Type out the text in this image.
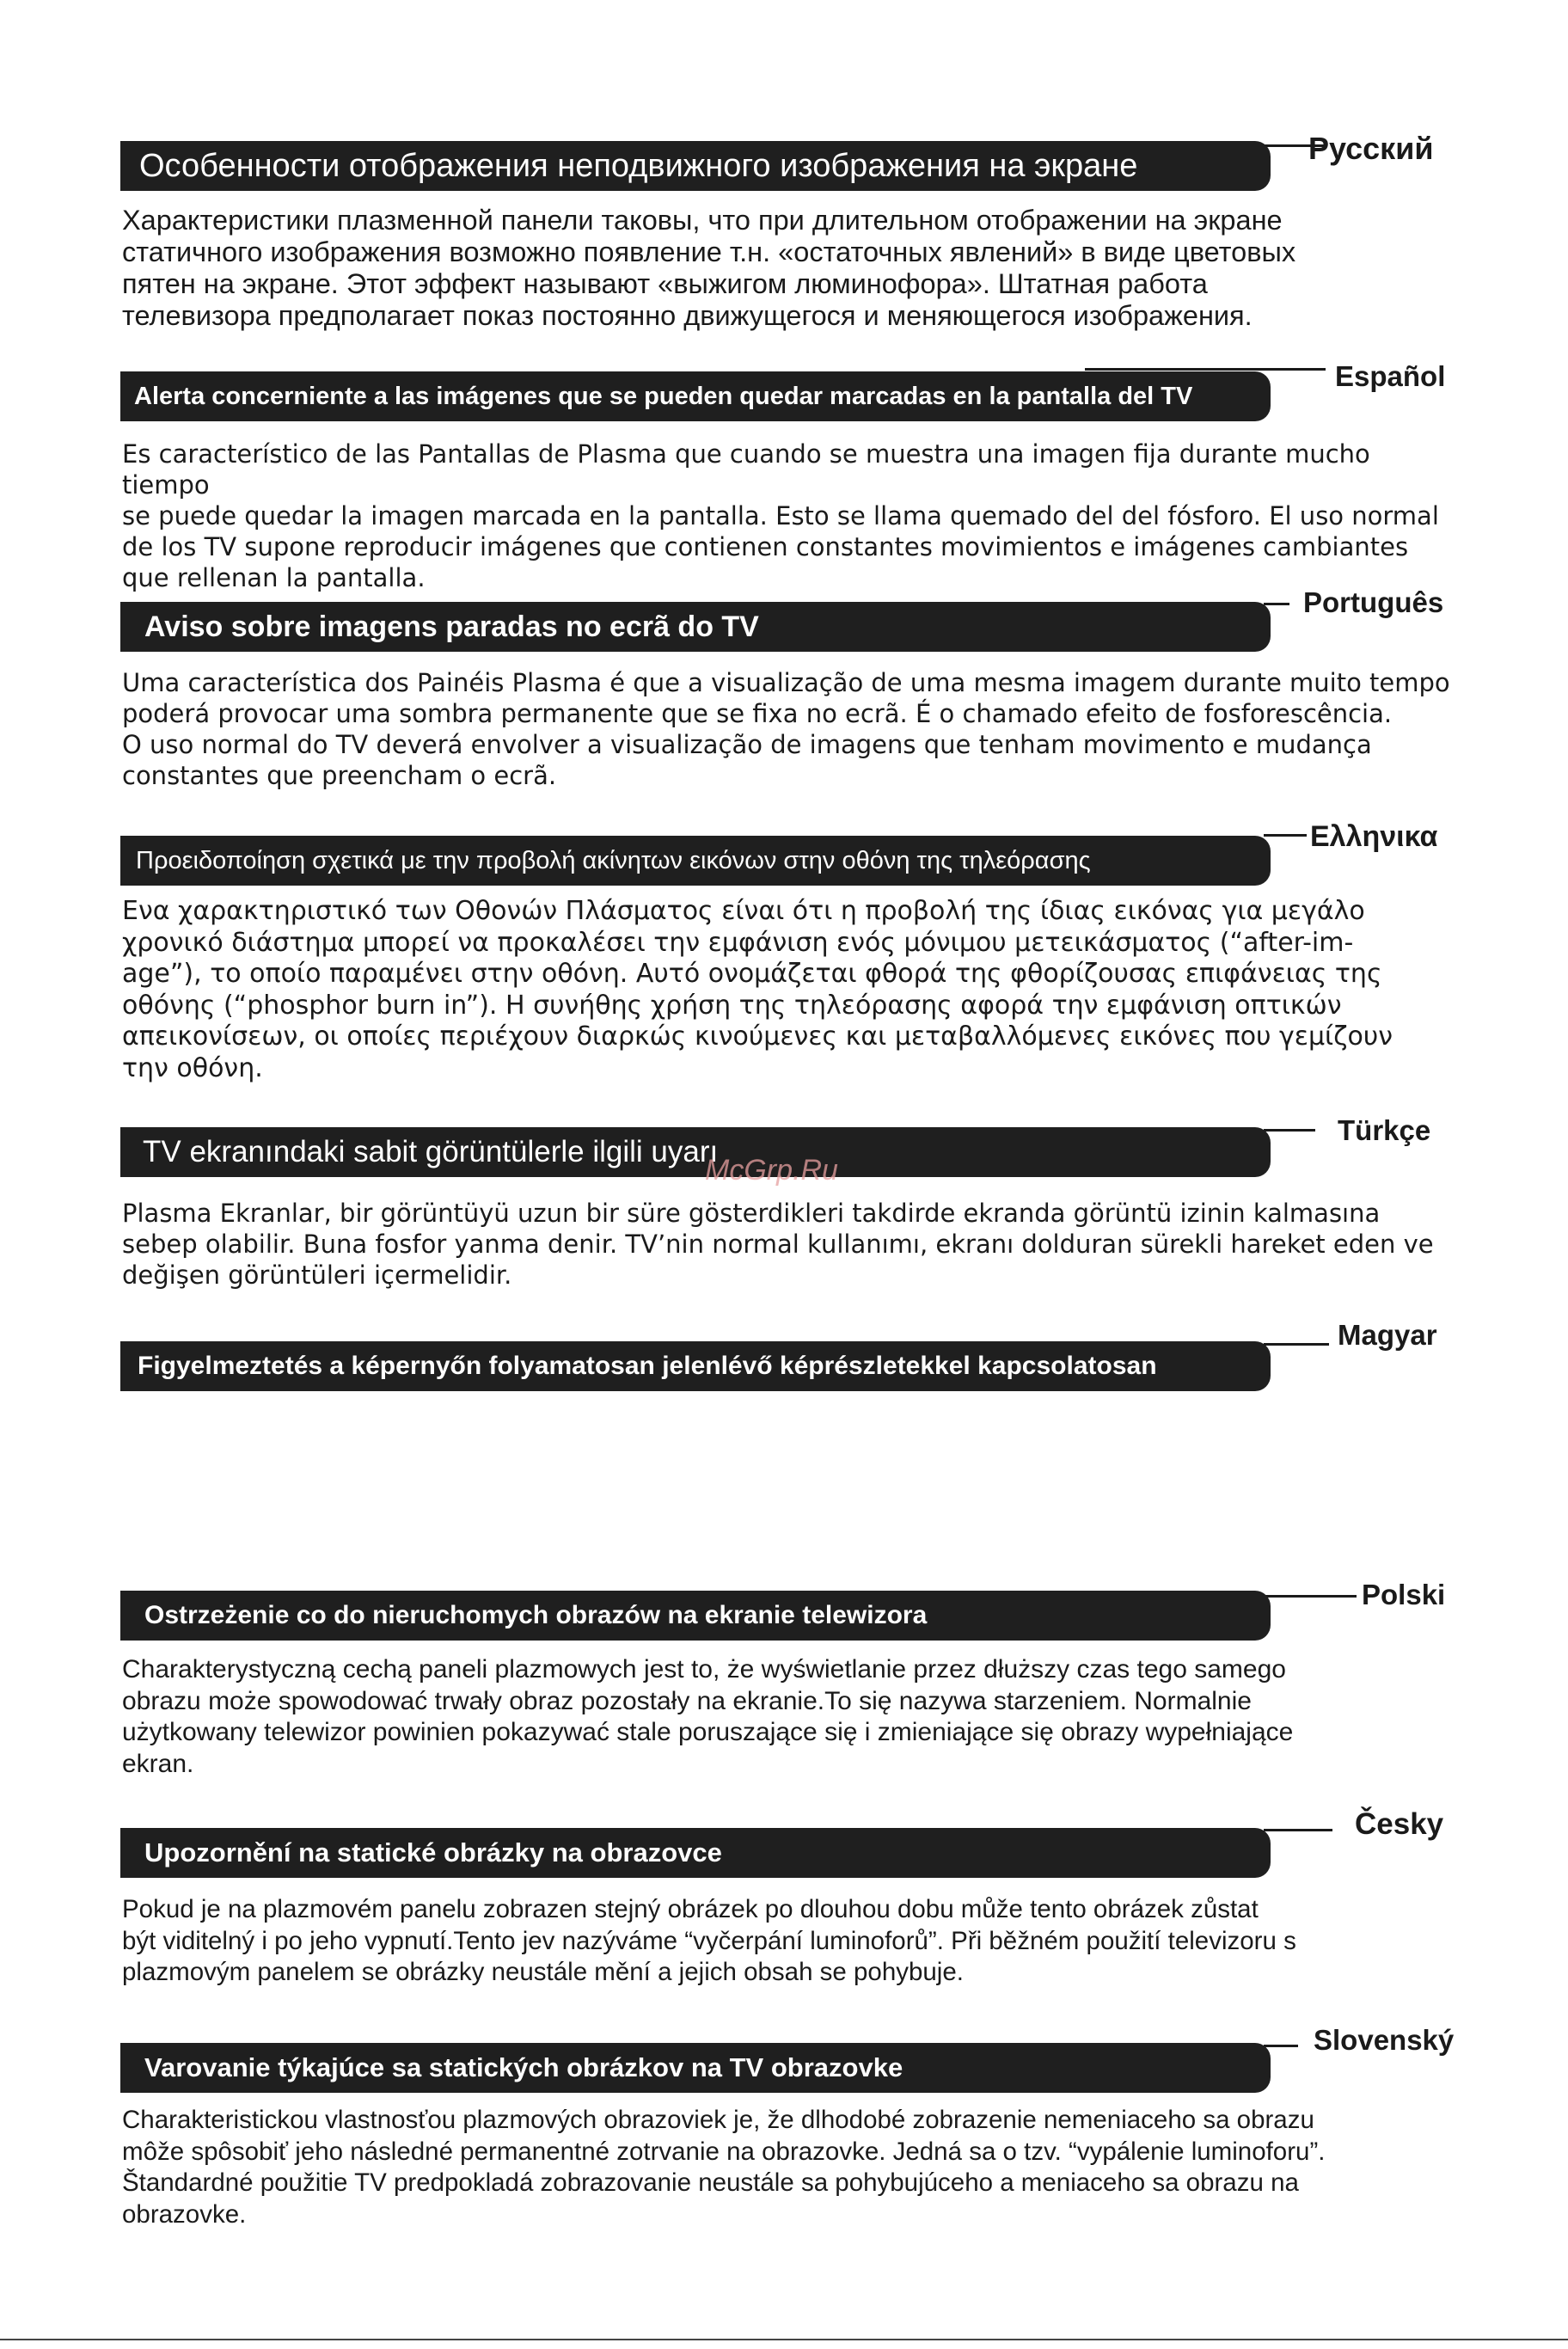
Русский
Особенности отображения неподвижного изображения на экране

Характеристики плазменной панели таковы, что при длительном отображении на экране
статичного изображения возможно появление т.н. «остаточных явлений» в виде цветовых
пятен на экране. Этот эффект называют «выжигом люминофора». Штатная работа
телевизора предполагает показ постоянно движущегося и меняющегося изображения.

Español
Alerta concerniente a las imágenes que se pueden quedar marcadas en la pantalla del TV

Es característico de las Pantallas de Plasma que cuando se muestra una imagen fija durante mucho tiempo
se puede quedar la imagen marcada en la pantalla. Esto se llama quemado del del fósforo. El uso normal
de los TV supone reproducir imágenes que contienen constantes movimientos e imágenes cambiantes
que rellenan la pantalla.

Português
Aviso sobre imagens paradas no ecrã do TV

Uma característica dos Painéis Plasma é que a visualização de uma mesma imagem durante muito tempo
poderá provocar uma sombra permanente que se fixa no ecrã. É o chamado efeito de fosforescência.
O uso normal do TV deverá envolver a visualização de imagens que tenham movimento e mudança
constantes que preencham o ecrã.

Ελληνικα
Προειδοποίηση σχετικά με την προβολή ακίνητων εικόνων στην οθόνη της τηλεόρασης

Ενα χαρακτηριστικό των Οθονών Πλάσματος είναι ότι η προβολή της ίδιας εικόνας για μεγάλο
χρονικό διάστημα μπορεί να προκαλέσει την εμφάνιση ενός μόνιμου μετεικάσματος (“after-im-
age”), το οποίο παραμένει στην οθόνη. Αυτό ονομάζεται φθορά της φθορίζουσας επιφάνειας της
οθόνης (“phosphor burn in”). Η συνήθης χρήση της τηλεόρασης αφορά την εμφάνιση οπτικών
απεικονίσεων, οι οποίες περιέχουν διαρκώς κινούμενες και μεταβαλλόμενες εικόνες που γεμίζουν
την οθόνη.

Türkçe
TV ekranındaki sabit görüntülerle ilgili uyarı

Plasma Ekranlar, bir görüntüyü uzun bir süre gösterdikleri takdirde ekranda görüntü izinin kalmasına
sebep olabilir. Buna fosfor yanma denir. TV’nin normal kullanımı, ekranı dolduran sürekli hareket eden ve
değişen görüntüleri içermelidir.

Magyar
Figyelmeztetés a képernyőn folyamatosan jelenlévő képrészletekkel kapcsolatosan

Polski
Ostrzeżenie co do nieruchomych obrazów na ekranie telewizora

Charakterystyczną cechą paneli plazmowych jest to, że wyświetlanie przez dłuższy czas tego samego
obrazu może spowodować trwały obraz pozostały na ekranie.To się nazywa starzeniem. Normalnie
użytkowany telewizor powinien pokazywać stale poruszające się i zmieniające się obrazy wypełniające
ekran.

Česky
Upozornění na statické obrázky na obrazovce

Pokud je na plazmovém panelu zobrazen stejný obrázek po dlouhou dobu může tento obrázek zůstat
být viditelný i po jeho vypnutí.Tento jev nazýváme “vyčerpání luminoforů”. Při běžném použití televizoru s
plazmovým panelem se obrázky neustále mění a jejich obsah se pohybuje.

Slovenský
Varovanie týkajúce sa statických obrázkov na TV obrazovke

Charakteristickou vlastnosťou plazmových obrazoviek je, že dlhodobé zobrazenie nemeniaceho sa obrazu
môže spôsobiť jeho následné permanentné zotrvanie na obrazovke. Jedná sa o tzv. “vypálenie luminoforu”.
Štandardné použitie TV predpokladá zobrazovanie neustále sa pohybujúceho a meniaceho sa obrazu na
obrazovke.

McGrp.Ru
